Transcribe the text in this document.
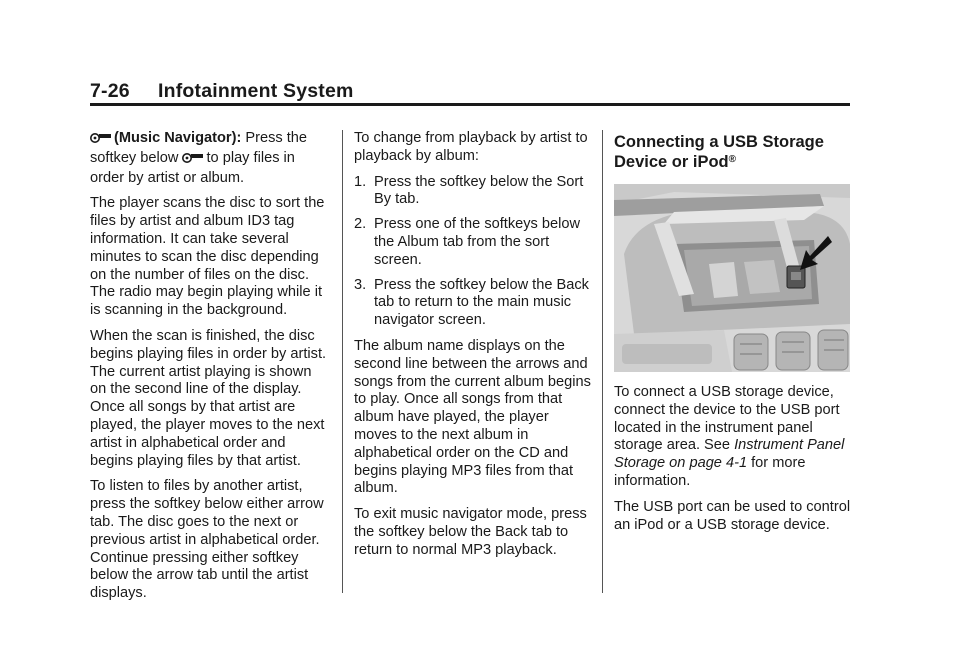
7-26 Infotainment System

(Music Navigator): Press the softkey below to play files in order by artist or album.

The player scans the disc to sort the files by artist and album ID3 tag information. It can take several minutes to scan the disc depending on the number of files on the disc. The radio may begin playing while it is scanning in the background.

When the scan is finished, the disc begins playing files in order by artist. The current artist playing is shown on the second line of the display. Once all songs by that artist are played, the player moves to the next artist in alphabetical order and begins playing files by that artist.

To listen to files by another artist, press the softkey below either arrow tab. The disc goes to the next or previous artist in alphabetical order. Continue pressing either softkey below the arrow tab until the artist displays.

To change from playback by artist to playback by album:

1. Press the softkey below the Sort By tab.
2. Press one of the softkeys below the Album tab from the sort screen.
3. Press the softkey below the Back tab to return to the main music navigator screen.

The album name displays on the second line between the arrows and songs from the current album begins to play. Once all songs from that album have played, the player moves to the next album in alphabetical order on the CD and begins playing MP3 files from that album.

To exit music navigator mode, press the softkey below the Back tab to return to normal MP3 playback.

Connecting a USB Storage Device or iPod®

To connect a USB storage device, connect the device to the USB port located in the instrument panel storage area. See Instrument Panel Storage on page 4-1 for more information.

The USB port can be used to control an iPod or a USB storage device.
